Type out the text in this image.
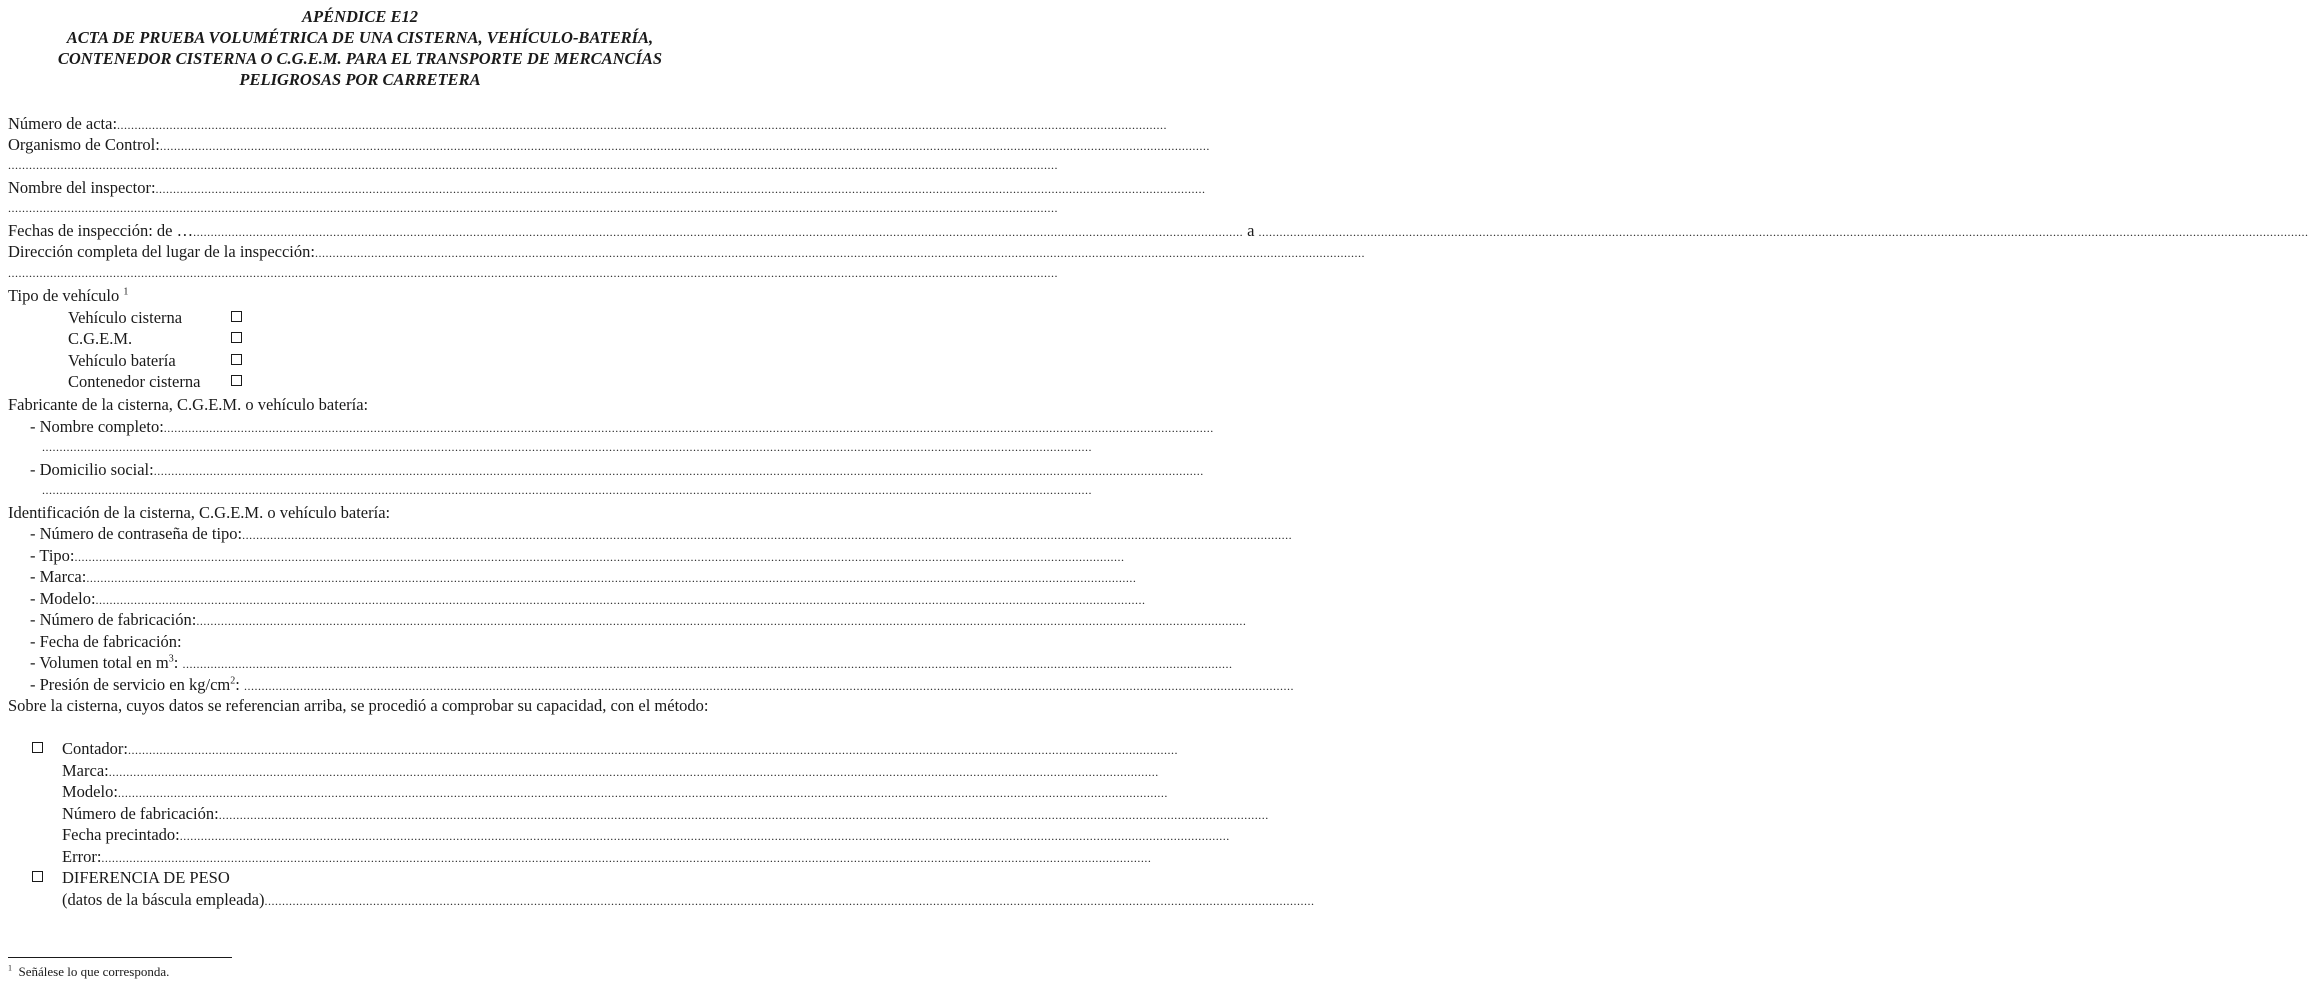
APÉNDICE E12
ACTA DE PRUEBA VOLUMÉTRICA DE UNA CISTERNA, VEHÍCULO-BATERÍA,
CONTENEDOR CISTERNA O C.G.E.M. PARA EL TRANSPORTE DE MERCANCÍAS
PELIGROSAS POR CARRETERA
Número de acta: ............................................................................................................................................................................................................................................................................................................
Organismo de Control: ............................................................................................................................................................................................................................................................................................................
............................................................................................................................................................................................................................................................................................................
Nombre del inspector: ............................................................................................................................................................................................................................................................................................................
............................................................................................................................................................................................................................................................................................................
Fechas de inspección: de … ............................................................................................................................................................................................................................................................................................................ a ............................................................................................................................................................................................................................................................................................................
Dirección completa del lugar de la inspección: ............................................................................................................................................................................................................................................................................................................
............................................................................................................................................................................................................................................................................................................
Tipo de vehículo $^1$
Vehículo cisterna
C.G.E.M.
Vehículo batería
Contenedor cisterna
Fabricante de la cisterna, C.G.E.M. o vehículo batería:
- Nombre completo: ............................................................................................................................................................................................................................................................................................................
............................................................................................................................................................................................................................................................................................................
- Domicilio social: ............................................................................................................................................................................................................................................................................................................
............................................................................................................................................................................................................................................................................................................
Identificación de la cisterna, C.G.E.M. o vehículo batería:
- Número de contraseña de tipo: ............................................................................................................................................................................................................................................................................................................
- Tipo: ............................................................................................................................................................................................................................................................................................................
- Marca: ............................................................................................................................................................................................................................................................................................................
- Modelo: ............................................................................................................................................................................................................................................................................................................
- Número de fabricación: ............................................................................................................................................................................................................................................................................................................
- Fecha de fabricación:
- Volumen total en $m^3$: ............................................................................................................................................................................................................................................................................................................
- Presión de servicio en $kg/cm^2$: ............................................................................................................................................................................................................................................................................................................
Sobre la cisterna, cuyos datos se referencian arriba, se procedió a comprobar su capacidad, con el método:
Contador: ............................................................................................................................................................................................................................................................................................................
Marca: ............................................................................................................................................................................................................................................................................................................
Modelo: ............................................................................................................................................................................................................................................................................................................
Número de fabricación: ............................................................................................................................................................................................................................................................................................................
Fecha precintado: ............................................................................................................................................................................................................................................................................................................
Error: ............................................................................................................................................................................................................................................................................................................
DIFERENCIA DE PESO
(datos de la báscula empleada) ............................................................................................................................................................................................................................................................................................................
$^1$ Señálese lo que corresponda.
